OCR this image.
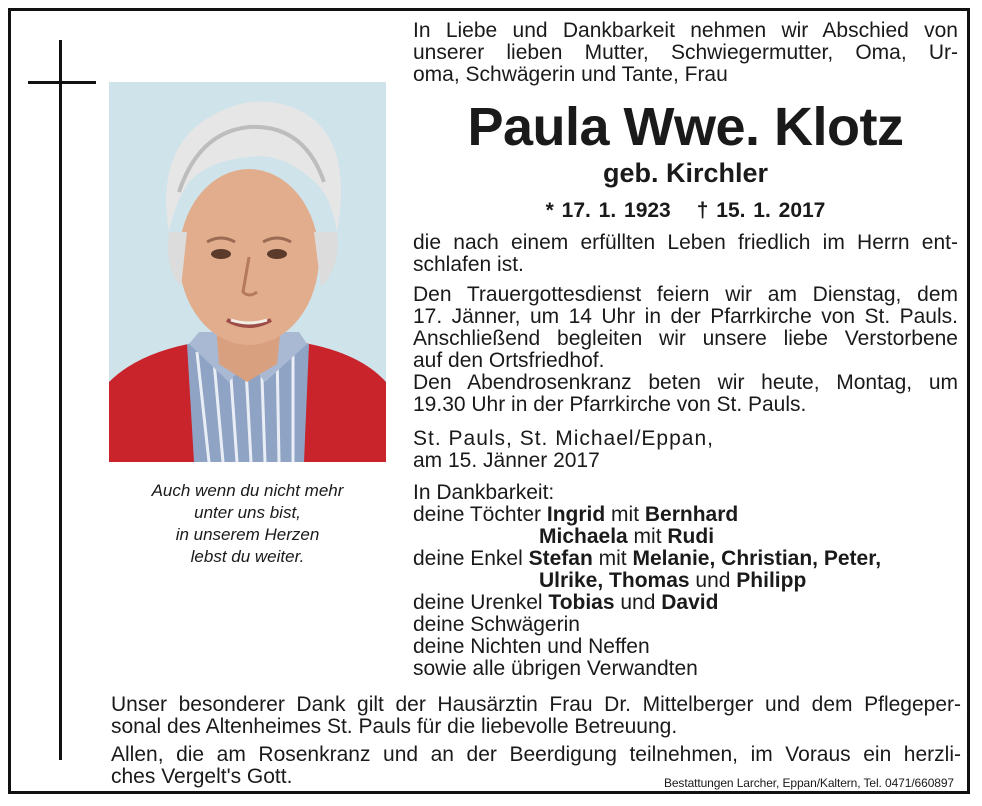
Auch wenn du nicht mehr
unter uns bist,
in unserem Herzen
lebst du weiter.
In Liebe und Dankbarkeit nehmen wir Abschied von
unserer lieben Mutter, Schwiegermutter, Oma, Ur-
oma, Schwägerin und Tante, Frau
Paula Wwe. Klotz
geb. Kirchler
* 17. 1. 1923 † 15. 1. 2017
die nach einem erfüllten Leben friedlich im Herrn ent-
schlafen ist.
Den Trauergottesdienst feiern wir am Dienstag, dem
17. Jänner, um 14 Uhr in der Pfarrkirche von St. Pauls.
Anschließend begleiten wir unsere liebe Verstorbene
auf den Ortsfriedhof.
Den Abendrosenkranz beten wir heute, Montag, um
19.30 Uhr in der Pfarrkirche von St. Pauls.
St. Pauls, St. Michael/Eppan,
am 15. Jänner 2017
In Dankbarkeit:
deine Töchter Ingrid mit Bernhard
Michaela mit Rudi
deine Enkel Stefan mit Melanie, Christian, Peter,
Ulrike, Thomas und Philipp
deine Urenkel Tobias und David
deine Schwägerin
deine Nichten und Neffen
sowie alle übrigen Verwandten
Unser besonderer Dank gilt der Hausärztin Frau Dr. Mittelberger und dem Pflegeper-
sonal des Altenheimes St. Pauls für die liebevolle Betreuung.
Allen, die am Rosenkranz und an der Beerdigung teilnehmen, im Voraus ein herzli-
ches Vergelt's Gott.	Bestattungen Larcher, Eppan/Kaltern, Tel. 0471/660897
